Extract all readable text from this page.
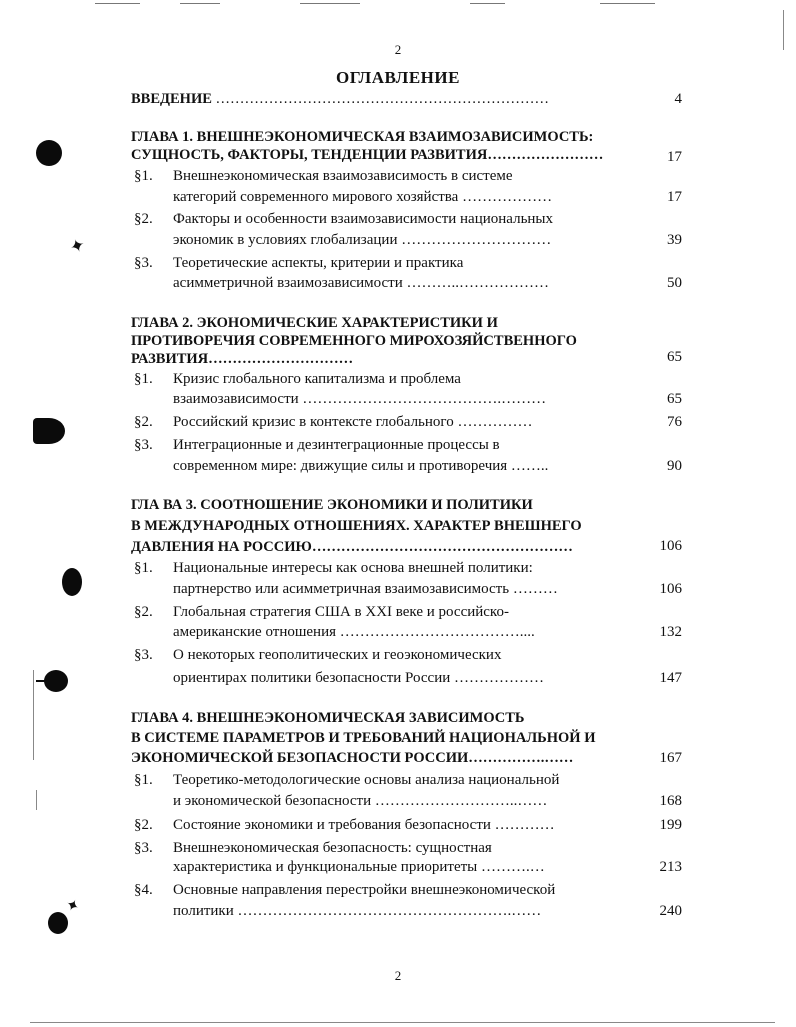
✦
✦
2
ОГЛАВЛЕНИЕ
ВВЕДЕНИЕ ……………………………………………………………	4
ГЛАВА 1. ВНЕШНЕЭКОНОМИЧЕСКАЯ ВЗАИМОЗАВИСИМОСТЬ:
СУЩНОСТЬ, ФАКТОРЫ, ТЕНДЕНЦИИ РАЗВИТИЯ……………………	17
§1. Внешнеэкономическая взаимозависимость в системе
категорий современного мирового хозяйства ………………	17
§2. Факторы и особенности взаимозависимости национальных
экономик в условиях глобализации …………………………	39
§3. Теоретические аспекты, критерии и практика
асимметричной взаимозависимости ………..………………	50
ГЛАВА 2. ЭКОНОМИЧЕСКИЕ ХАРАКТЕРИСТИКИ И
ПРОТИВОРЕЧИЯ СОВРЕМЕННОГО МИРОХОЗЯЙСТВЕННОГО
РАЗВИТИЯ…………………………	65
§1. Кризис глобального капитализма и проблема
взаимозависимости ………………………………….………	65
§2. Российский кризис в контексте глобального ……………	76
§3. Интеграционные и дезинтеграционные процессы в
современном мире: движущие силы и противоречия ……..	90
ГЛА ВА 3. СООТНОШЕНИЕ ЭКОНОМИКИ И ПОЛИТИКИ
В МЕЖДУНАРОДНЫХ ОТНОШЕНИЯХ. ХАРАКТЕР ВНЕШНЕГО
ДАВЛЕНИЯ НА РОССИЮ………………………………………………	106
§1. Национальные интересы как основа внешней политики:
партнерство или асимметричная взаимозависимость ………	106
§2. Глобальная стратегия США в XXI веке и российско-
американские отношения ………………………………....	132
§3. О некоторых геополитических и геоэкономических
ориентирах политики безопасности России ………………	147
ГЛАВА 4. ВНЕШНЕЭКОНОМИЧЕСКАЯ ЗАВИСИМОСТЬ
В СИСТЕМЕ ПАРАМЕТРОВ И ТРЕБОВАНИЙ НАЦИОНАЛЬНОЙ И
ЭКОНОМИЧЕСКОЙ БЕЗОПАСНОСТИ РОССИИ…………….……	167
§1. Теоретико-методологические основы анализа национальной
и экономической безопасности ………………………..……	168
§2. Состояние экономики и требования безопасности …………	199
§3. Внешнеэкономическая безопасность: сущностная
характеристика и функциональные приоритеты ……….…	213
§4. Основные направления перестройки внешнеэкономической
политики ……………………………………………….……	240
2
